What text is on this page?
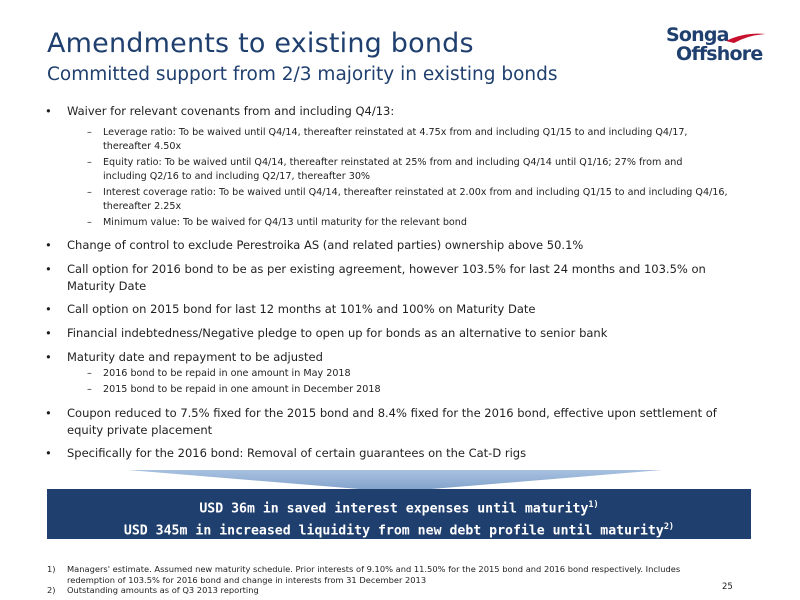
Amendments to existing bonds
Committed support from 2/3 majority in existing bonds
Songa
Offshore
• Waiver for relevant covenants from and including Q4/13:
– Leverage ratio: To be waived until Q4/14, thereafter reinstated at 4.75x from and including Q1/15 to and including Q4/17, thereafter 4.50x
– Equity ratio: To be waived until Q4/14, thereafter reinstated at 25% from and including Q4/14 until Q1/16; 27% from and including Q2/16 to and including Q2/17, thereafter 30%
– Interest coverage ratio: To be waived until Q4/14, thereafter reinstated at 2.00x from and including Q1/15 to and including Q4/16, thereafter 2.25x
– Minimum value: To be waived for Q4/13 until maturity for the relevant bond
• Change of control to exclude Perestroika AS (and related parties) ownership above 50.1%
• Call option for 2016 bond to be as per existing agreement, however 103.5% for last 24 months and 103.5% on Maturity Date
• Call option on 2015 bond for last 12 months at 101% and 100% on Maturity Date
• Financial indebtedness/Negative pledge to open up for bonds as an alternative to senior bank
• Maturity date and repayment to be adjusted
– 2016 bond to be repaid in one amount in May 2018
– 2015 bond to be repaid in one amount in December 2018
• Coupon reduced to 7.5% fixed for the 2015 bond and 8.4% fixed for the 2016 bond, effective upon settlement of equity private placement
• Specifically for the 2016 bond: Removal of certain guarantees on the Cat-D rigs
USD 36m in saved interest expenses until maturity$^{1)}$
USD 345m in increased liquidity from new debt profile until maturity$^{2)}$
1) Managers' estimate. Assumed new maturity schedule. Prior interests of 9.10% and 11.50% for the 2015 bond and 2016 bond respectively. Includes redemption of 103.5% for 2016 bond and change in interests from 31 December 2013
2) Outstanding amounts as of Q3 2013 reporting	25
